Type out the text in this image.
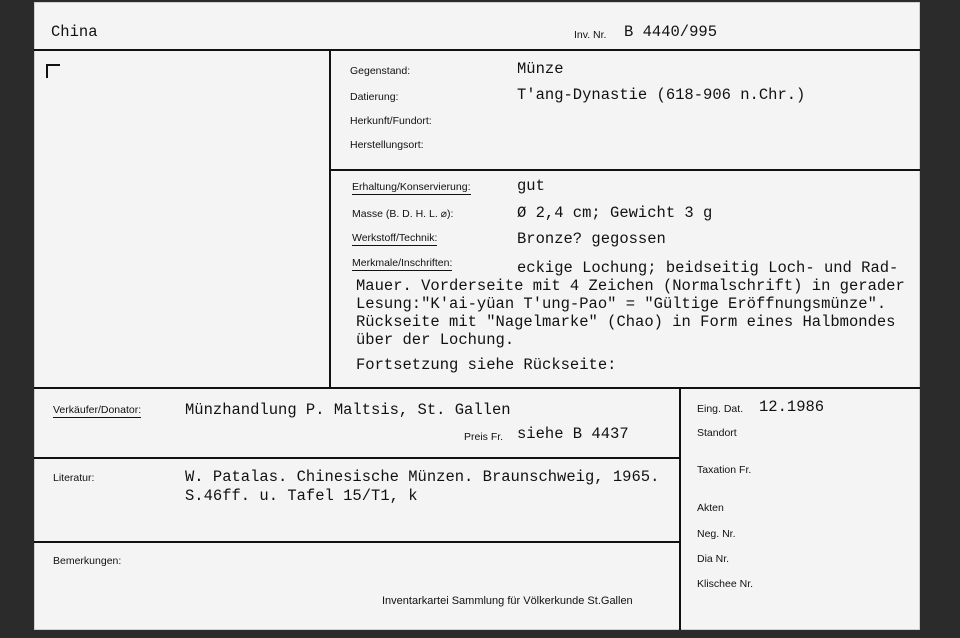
China	Inv. Nr. B 4440/995
Gegenstand:	Münze
Datierung:	T'ang-Dynastie (618-906 n.Chr.)
Herkunft/Fundort:
Herstellungsort:
Erhaltung/Konservierung:	gut
Masse (B. D. H. L. ⌀):	Ø 2,4 cm; Gewicht 3 g
Werkstoff/Technik:	Bronze? gegossen
Merkmale/Inschriften:	eckige Lochung; beidseitig Loch- und Rad-
Mauer. Vorderseite mit 4 Zeichen (Normalschrift) in gerader
Lesung:"K'ai-yüan T'ung-Pao" = "Gültige Eröffnungsmünze".
Rückseite mit "Nagelmarke" (Chao) in Form eines Halbmondes
über der Lochung.
Fortsetzung siehe Rückseite:
Verkäufer/Donator:	Münzhandlung P. Maltsis, St. Gallen
Preis Fr. siehe B 4437
Literatur:	W. Patalas. Chinesische Münzen. Braunschweig, 1965.
S.46ff. u. Tafel 15/T1, k
Bemerkungen:
Inventarkartei Sammlung für Völkerkunde St.Gallen
Eing. Dat. 12.1986
Standort
Taxation Fr.
Akten
Neg. Nr.
Dia Nr.
Klischee Nr.
